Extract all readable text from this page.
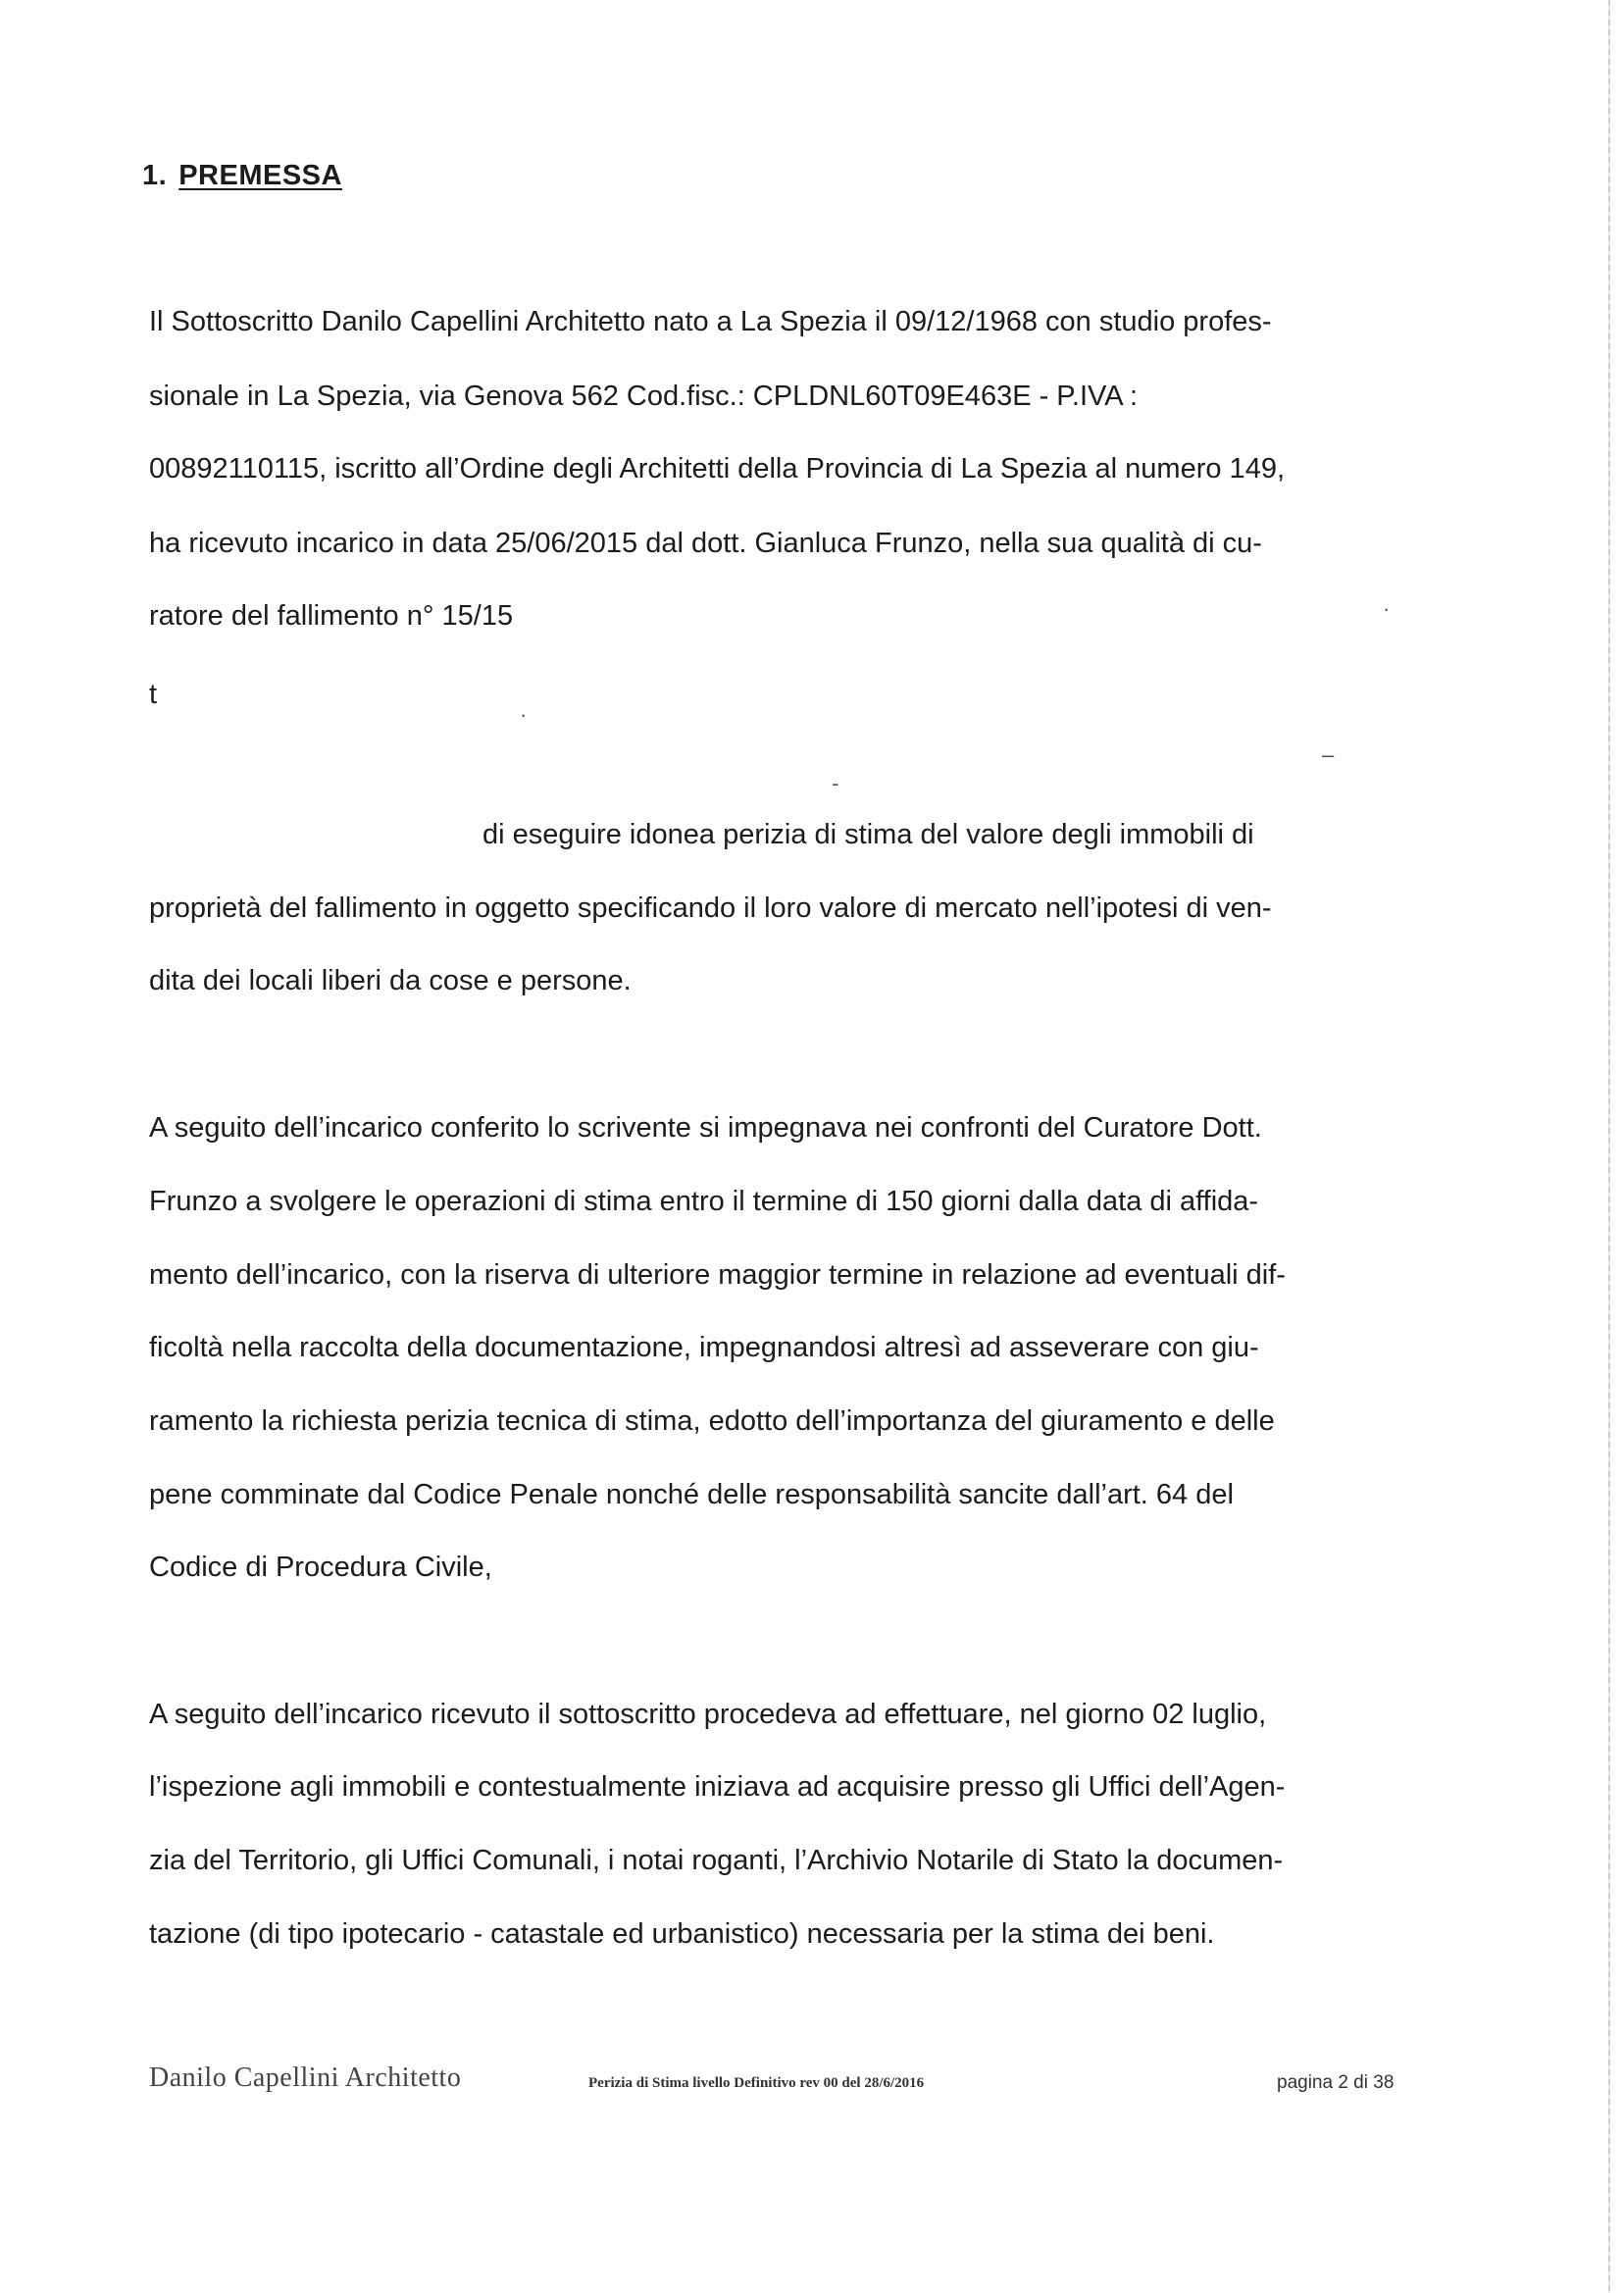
1. PREMESSA
Il Sottoscritto Danilo Capellini Architetto nato a La Spezia il 09/12/1968 con studio profes-
sionale in La Spezia, via Genova 562 Cod.fisc.: CPLDNL60T09E463E - P.IVA :
00892110115, iscritto all’Ordine degli Architetti della Provincia di La Spezia al numero 149,
ha ricevuto incarico in data 25/06/2015 dal dott. Gianluca Frunzo, nella sua qualità di cu-
ratore del fallimento n° 15/15
t
di eseguire idonea perizia di stima del valore degli immobili di
proprietà del fallimento in oggetto specificando il loro valore di mercato nell’ipotesi di ven-
dita dei locali liberi da cose e persone.
A seguito dell’incarico conferito lo scrivente si impegnava nei confronti del Curatore Dott.
Frunzo a svolgere le operazioni di stima entro il termine di 150 giorni dalla data di affida-
mento dell’incarico, con la riserva di ulteriore maggior termine in relazione ad eventuali dif-
ficoltà nella raccolta della documentazione, impegnandosi altresì ad asseverare con giu-
ramento la richiesta perizia tecnica di stima, edotto dell’importanza del giuramento e delle
pene comminate dal Codice Penale nonché delle responsabilità sancite dall’art. 64 del
Codice di Procedura Civile,
A seguito dell’incarico ricevuto il sottoscritto procedeva ad effettuare, nel giorno 02 luglio,
l’ispezione agli immobili e contestualmente iniziava ad acquisire presso gli Uffici dell’Agen-
zia del Territorio, gli Uffici Comunali, i notai roganti, l’Archivio Notarile di Stato la documen-
tazione (di tipo ipotecario - catastale ed urbanistico) necessaria per la stima dei beni.
·
·
-
–
Danilo Capellini Architetto	Perizia di Stima livello Definitivo rev 00 del 28/6/2016	pagina 2 di 38
